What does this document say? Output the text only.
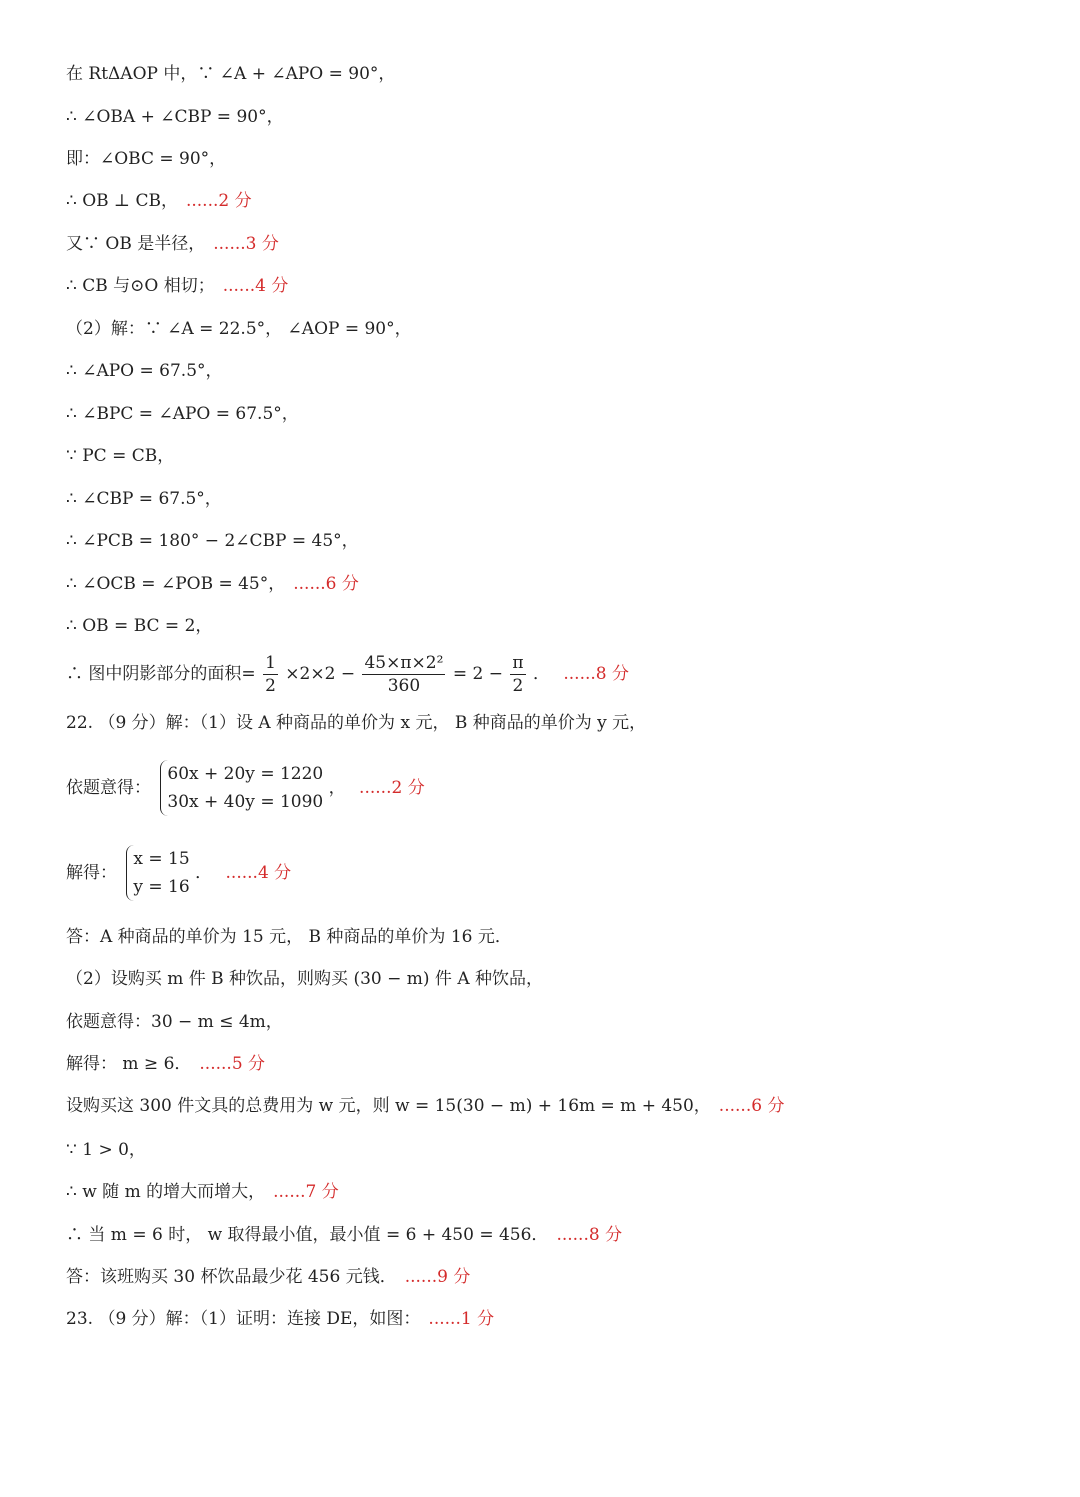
在 RtΔAOP 中，∵ ∠A + ∠APO = 90°，
∴ ∠OBA + ∠CBP = 90°，
即：∠OBC = 90°，
∴ OB ⊥ CB， ......2 分
又∵ OB 是半径， ......3 分
∴ CB 与⊙O 相切； ......4 分
（2）解：∵ ∠A = 22.5°， ∠AOP = 90°，
∴ ∠APO = 67.5°，
∴ ∠BPC = ∠APO = 67.5°，
∵ PC = CB，
∴ ∠CBP = 67.5°，
∴ ∠PCB = 180° − 2∠CBP = 45°，
∴ ∠OCB = ∠POB = 45°， ......6 分
∴ OB = BC = 2，
∴ 图中阴影部分的面积= $\frac{1}{2} \times 2\times 2 - \frac{\text{45×π×2²}}{360} = 2 - \frac{\pi}{2}$ ． ......8 分
22. （9 分）解：（1）设 A 种商品的单价为 x 元， B 种商品的单价为 y 元，
依题意得：
60x + 20y = 1220
30x + 40y = 1090
， ......2 分
解得：
x = 15
y = 16
． ......4 分
答：A 种商品的单价为 15 元， B 种商品的单价为 16 元．
（2）设购买 m 件 B 种饮品，则购买 (30 − m) 件 A 种饮品，
依题意得：30 − m ≤ 4m，
解得： m ≥ 6． ......5 分
设购买这 300 件文具的总费用为 w 元，则 w = 15(30 − m) + 16m = m + 450， ......6 分
∵ 1 > 0，
∴ w 随 m 的增大而增大， ......7 分
∴ 当 m = 6 时， w 取得最小值，最小值 = 6 + 450 = 456． ......8 分
答：该班购买 30 杯饮品最少花 456 元钱． ......9 分
23. （9 分）解：（1）证明：连接 DE，如图： ......1 分
